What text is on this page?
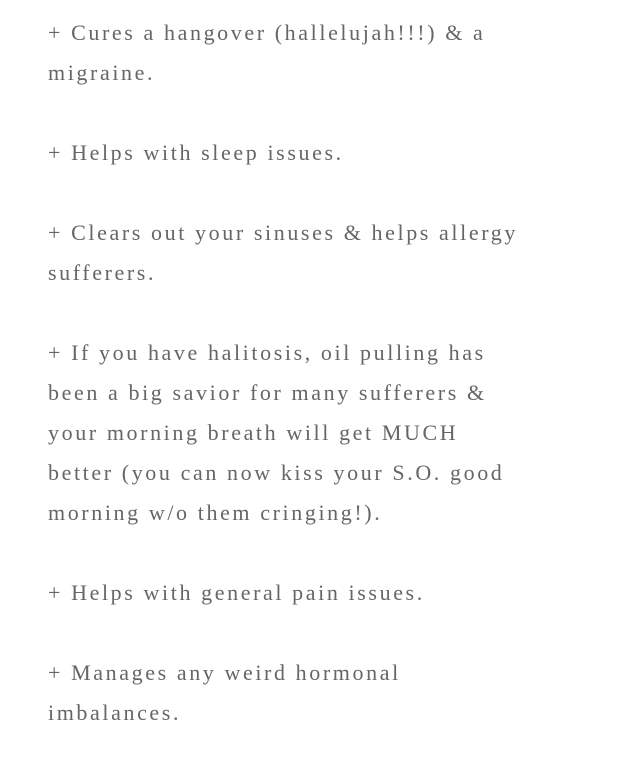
+ Cures a hangover (hallelujah!!!) & a
migraine.
+ Helps with sleep issues.
+ Clears out your sinuses & helps allergy
sufferers.
+ If you have halitosis, oil pulling has
been a big savior for many sufferers &
your morning breath will get MUCH
better (you can now kiss your S.O. good
morning w/o them cringing!).
+ Helps with general pain issues.
+ Manages any weird hormonal
imbalances.
